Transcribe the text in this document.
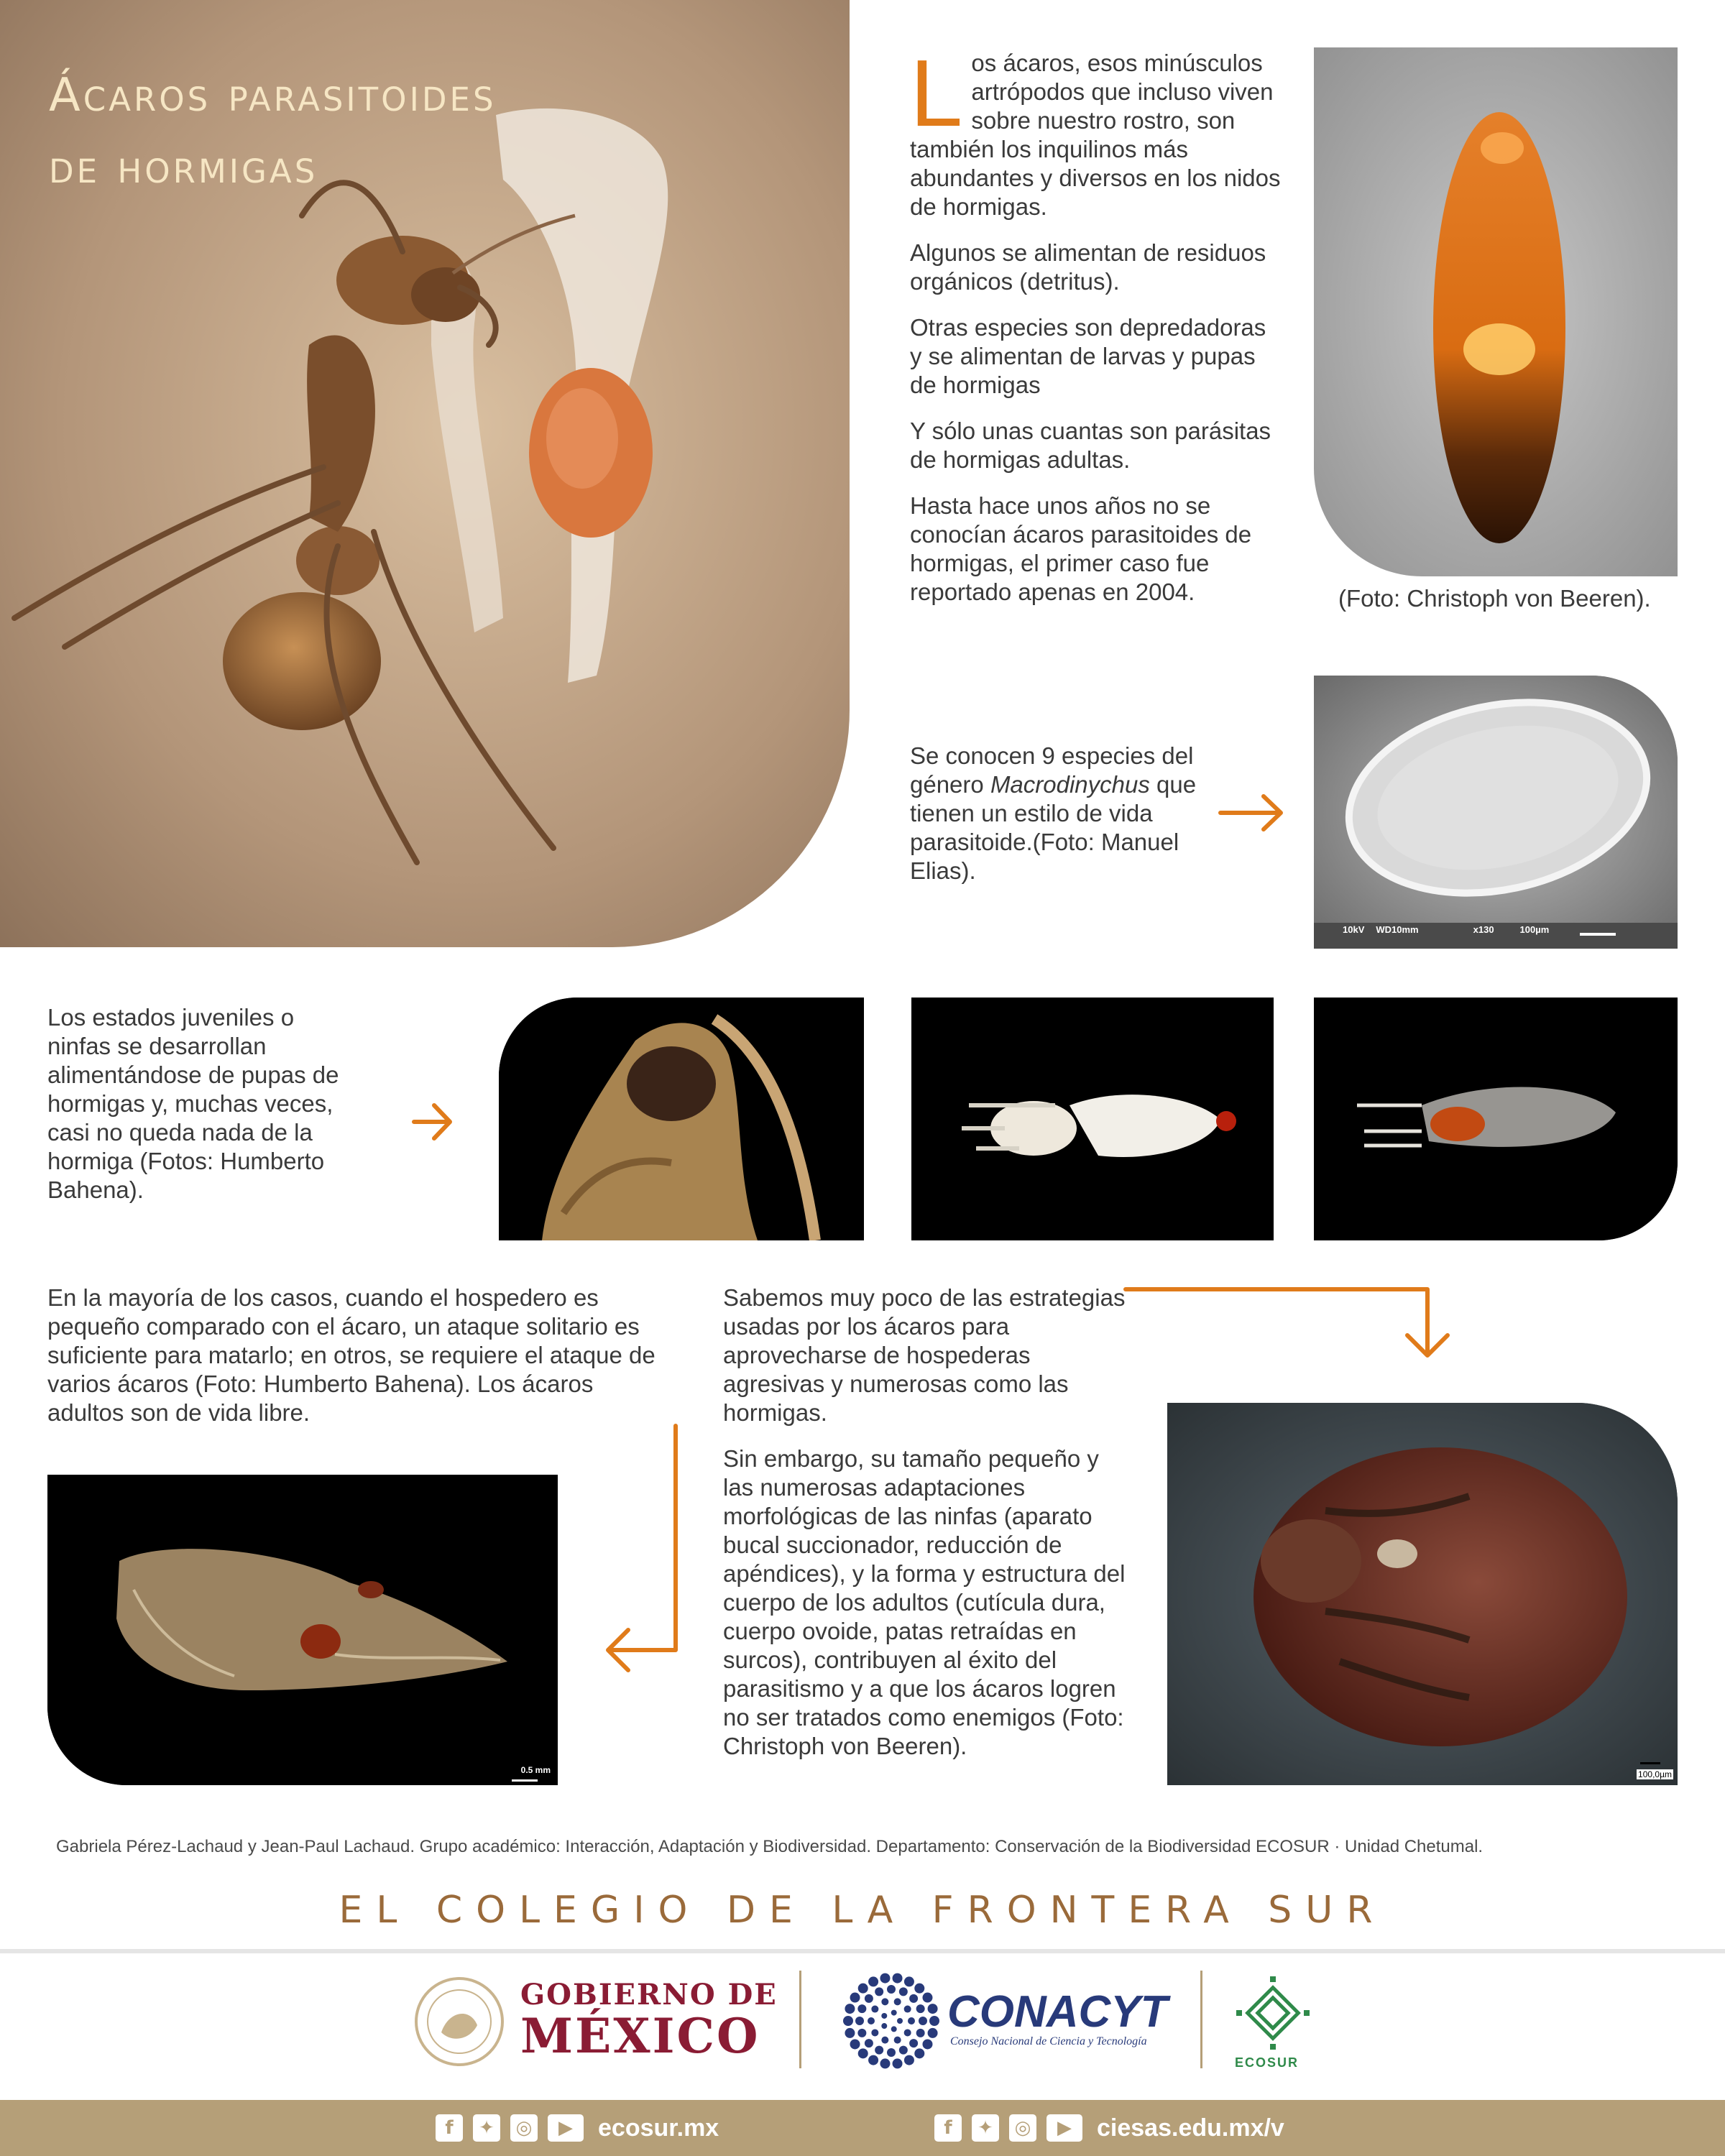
Ácaros parasitoides
de hormigas

Los ácaros, esos minúsculos artrópodos que incluso viven sobre nuestro rostro, son también los inquilinos más abundantes y diversos en los nidos de hormigas.

Algunos se alimentan de residuos orgánicos (detritus).

Otras especies son depredadoras y se alimentan de larvas y pupas de hormigas

Y sólo unas cuantas son parásitas de hormigas adultas.

Hasta hace unos años no se conocían ácaros parasitoides de hormigas, el primer caso fue reportado apenas en 2004.	(Foto: Christoph von Beeren).
Se conocen 9 especies del género Macrodinychus que tienen un estilo de vida parasitoide.(Foto: Manuel Elias).
10kV WD10mm	x130	100µm
Los estados juveniles o ninfas se desarrollan alimentándose de pupas de hormigas y, muchas veces, casi no queda nada de la hormiga (Fotos: Humberto Bahena).
En la mayoría de los casos, cuando el hospedero es pequeño comparado con el ácaro, un ataque solitario es suficiente para matarlo; en otros, se requiere el ataque de varios ácaros (Foto: Humberto Bahena). Los ácaros adultos son de vida libre.
0.5 mm

Sabemos muy poco de las estrategias usadas por los ácaros para aprovecharse de hospederas agresivas y numerosas como las hormigas.

Sin embargo, su tamaño pequeño y las numerosas adaptaciones morfológicas de las ninfas (aparato bucal succionador, reducción de apéndices), y la forma y estructura del cuerpo de los adultos (cutícula dura, cuerpo ovoide, patas retraídas en surcos), contribuyen al éxito del parasitismo y a que los ácaros logren no ser tratados como enemigos (Foto: Christoph von Beeren).

100,0µm
Gabriela Pérez-Lachaud y Jean-Paul Lachaud. Grupo académico: Interacción, Adaptación y Biodiversidad. Departamento: Conservación de la Biodiversidad ECOSUR · Unidad Chetumal.
EL COLEGIO DE LA FRONTERA SUR
GOBIERNO DE
MÉXICO	CONACYT
Consejo Nacional de Ciencia y Tecnología
ECOSUR
f	✦	◎	▶	ecosur.mx	f	✦	◎	▶	ciesas.edu.mx/v
